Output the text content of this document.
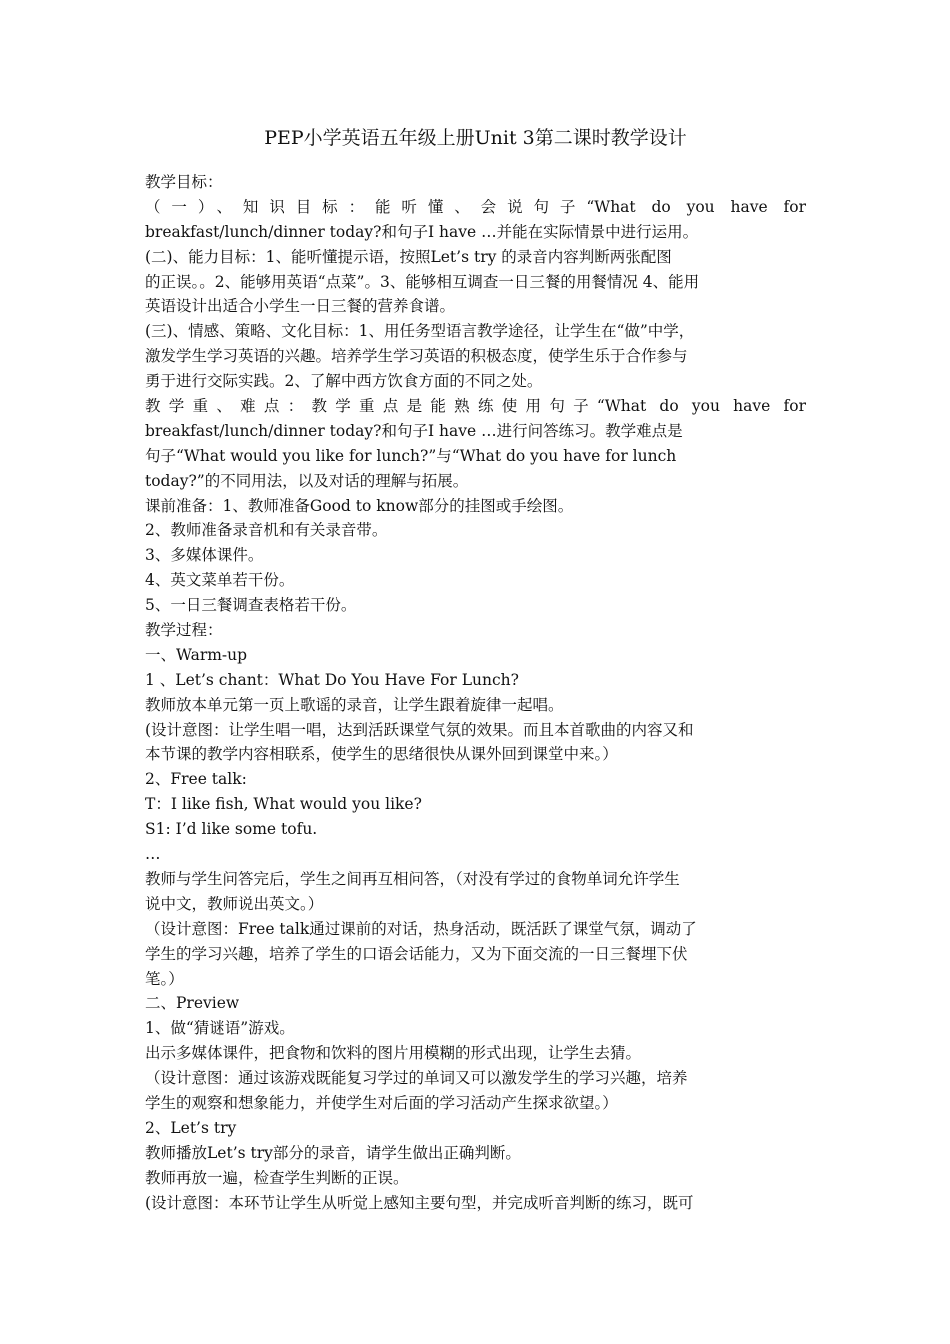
PEP小学英语五年级上册Unit 3第二课时教学设计
教学目标：
（一）、知识目标：能听懂、会说句子“What do you have for
breakfast/lunch/dinner today?和句子I have …并能在实际情景中进行运用。
(二)、能力目标：1、能听懂提示语，按照Let’s try 的录音内容判断两张配图
的正误。。2、能够用英语“点菜”。3、能够相互调查一日三餐的用餐情况 4、能用
英语设计出适合小学生一日三餐的营养食谱。
(三)、情感、策略、文化目标：1、用任务型语言教学途径，让学生在“做”中学，
激发学生学习英语的兴趣。培养学生学习英语的积极态度，使学生乐于合作参与
勇于进行交际实践。2、了解中西方饮食方面的不同之处。
教学重、难点：教学重点是能熟练使用句子“What do you have for
breakfast/lunch/dinner today?和句子I have …进行问答练习。教学难点是
句子“What would you like for lunch?”与“What do you have for lunch
today?”的不同用法，以及对话的理解与拓展。
课前准备：1、教师准备Good to know部分的挂图或手绘图。
2、教师准备录音机和有关录音带。
3、多媒体课件。
4、英文菜单若干份。
5、一日三餐调查表格若干份。
教学过程：
一、Warm-up
1 、Let’s chant：What Do You Have For Lunch?
教师放本单元第一页上歌谣的录音，让学生跟着旋律一起唱。
(设计意图：让学生唱一唱，达到活跃课堂气氛的效果。而且本首歌曲的内容又和
本节课的教学内容相联系，使学生的思绪很快从课外回到课堂中来。）
2、Free talk:
T：I like fish, What would you like?
S1: I’d like some tofu.
…
教师与学生问答完后，学生之间再互相问答，（对没有学过的食物单词允许学生
说中文，教师说出英文。）
（设计意图：Free talk通过课前的对话，热身活动，既活跃了课堂气氛，调动了
学生的学习兴趣，培养了学生的口语会话能力，又为下面交流的一日三餐埋下伏
笔。）
二、Preview
1、做“猜谜语”游戏。
出示多媒体课件，把食物和饮料的图片用模糊的形式出现，让学生去猜。
（设计意图：通过该游戏既能复习学过的单词又可以激发学生的学习兴趣，培养
学生的观察和想象能力，并使学生对后面的学习活动产生探求欲望。）
2、Let’s try
教师播放Let’s try部分的录音，请学生做出正确判断。
教师再放一遍，检查学生判断的正误。
(设计意图：本环节让学生从听觉上感知主要句型，并完成听音判断的练习，既可
